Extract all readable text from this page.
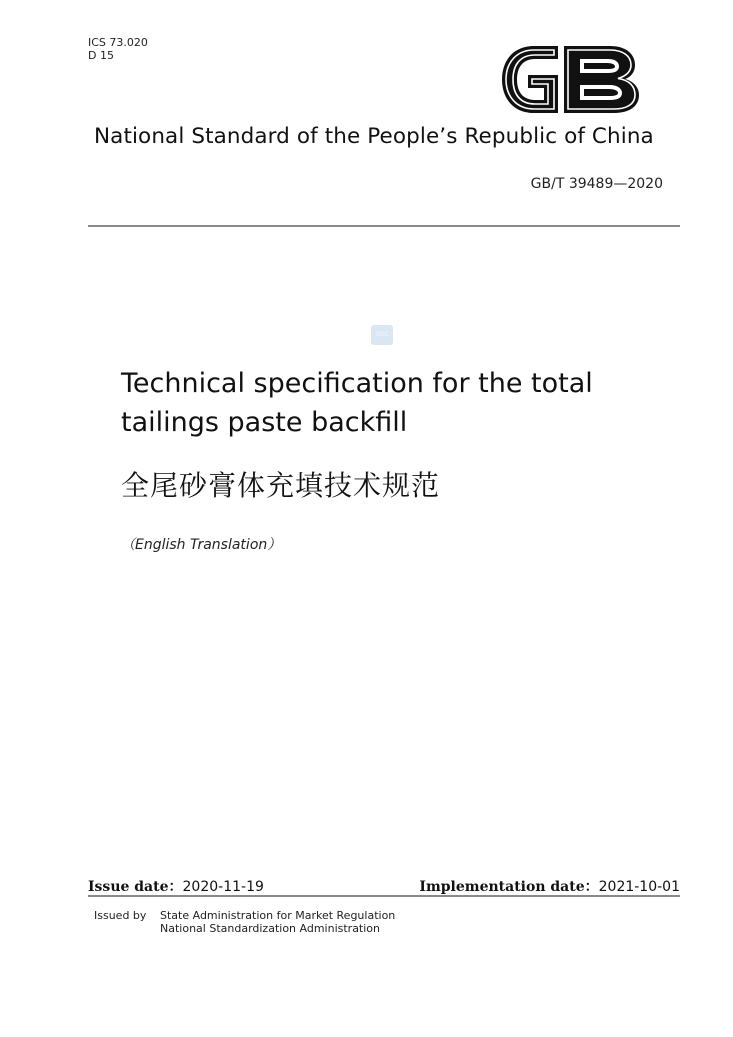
ICS 73.020
D 15
National Standard of the People’s Republic of China
GB/T 39489—2020
SDC
Technical specification for the total tailings paste backfill
全尾砂膏体充填技术规范
（English Translation）
Issue date：2020-11-19	Implementation date：2021-10-01
Issued by State Administration for Market Regulation
National Standardization Administration
